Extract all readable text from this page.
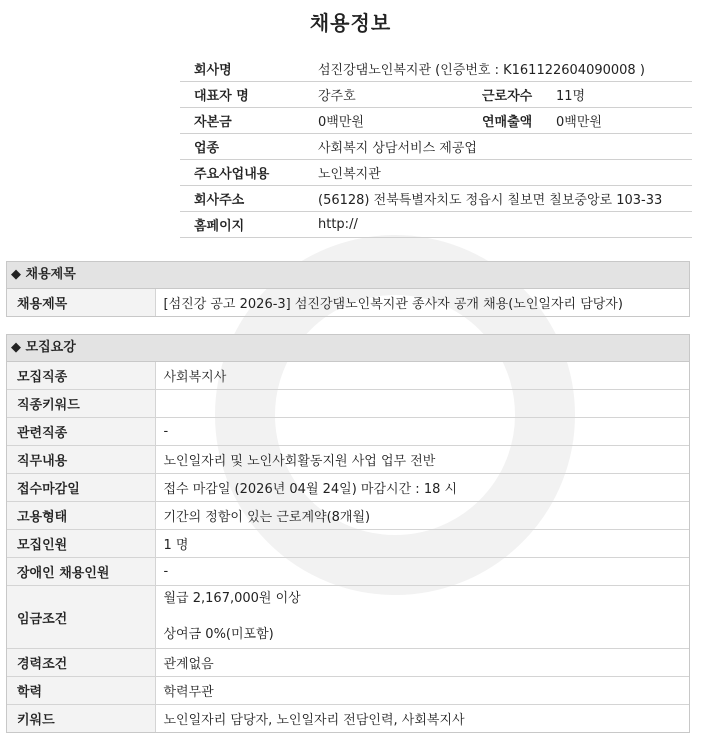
채용정보
회사명	섬진강댐노인복지관 (인증번호 : K161122604090008 )		
대표자 명	강주호	근로자수	11명
자본금	0백만원	연매출액	0백만원
업종	사회복지 상담서비스 제공업		
주요사업내용	노인복지관		
회사주소	(56128) 전북특별자치도 정읍시 칠보면 칠보중앙로 103-33		
홈페이지	http://		
◆ 채용제목
채용제목	[섬진강 공고 2026-3] 섬진강댐노인복지관 종사자 공개 채용(노인일자리 담당자)
◆ 모집요강
모집직종	사회복지사
직종키워드	
관련직종	-
직무내용	노인일자리 및 노인사회활동지원 사업 업무 전반
접수마감일	접수 마감일 (2026년 04월 24일) 마감시간 : 18 시
고용형태	기간의 정함이 있는 근로계약(8개월)
모집인원	1 명
장애인 채용인원	-
임금조건	월급 2,167,000원 이상
상여금 0%(미포함)

경력조건	관계없음
학력	학력무관
키워드	노인일자리 담당자, 노인일자리 전담인력, 사회복지사
